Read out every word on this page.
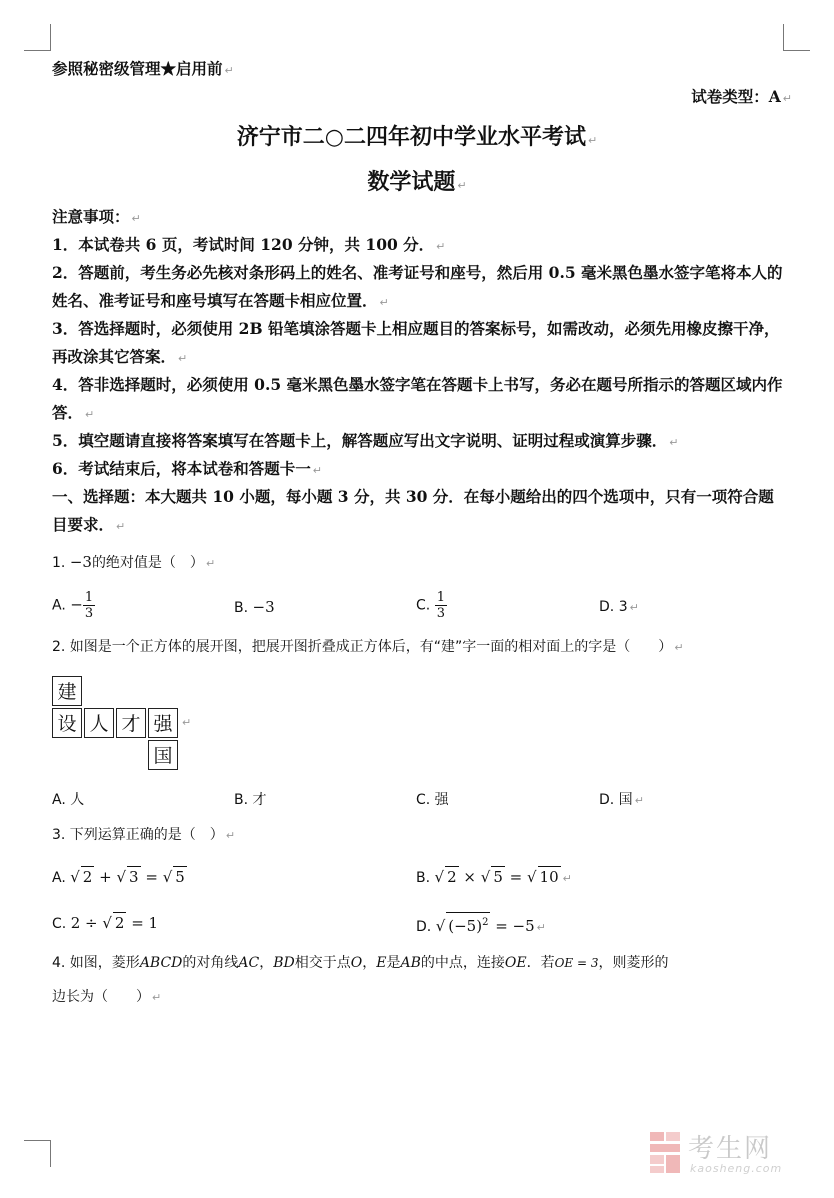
参照秘密级管理★启用前 ↵
试卷类型：A ↵
济宁市二○二四年初中学业水平考试 ↵
数学试题 ↵
注意事项： ↵
1．本试卷共 6 页，考试时间 120 分钟，共 100 分． ↵
2．答题前，考生务必先核对条形码上的姓名、准考证号和座号，然后用 0.5 毫米黑色墨水签字笔将本人的姓名、准考证号和座号填写在答题卡相应位置． ↵
3．答选择题时，必须使用 2B 铅笔填涂答题卡上相应题目的答案标号，如需改动，必须先用橡皮擦干净，再改涂其它答案． ↵
4．答非选择题时，必须使用 0.5 毫米黑色墨水签字笔在答题卡上书写，务必在题号所指示的答题区域内作答． ↵
5．填空题请直接将答案填写在答题卡上，解答题应写出文字说明、证明过程或演算步骤． ↵
6．考试结束后，将本试卷和答题卡一 ↵
一、选择题：本大题共 10 小题，每小题 3 分，共 30 分．在每小题给出的四个选项中，只有一项符合题目要求． ↵
1. −3的绝对值是（　） ↵
A. − $\frac{1}{3}$	B. −3	C. $\frac{1}{3}$	D. 3 ↵
2. 如图是一个正方体的展开图，把展开图折叠成正方体后，有“建”字一面的相对面上的字是（　　） ↵
建
设 人 才 强
国
↵
A. 人	B. 才	C. 强	D. 国 ↵
3. 下列运算正确的是（　） ↵
A. √ 2 + √ 3 = √ 5	B. √ 2 × √ 5 = √ 10 ↵
C. 2 ÷ √ 2 = 1	D. √ $(-5)^2 = -5$ ↵
4. 如图，菱形ABCD的对角线AC，BD相交于点O，E是AB的中点，连接OE．若OE = 3，则菱形的
边长为（　　） ↵
考生网
kaosheng.com
